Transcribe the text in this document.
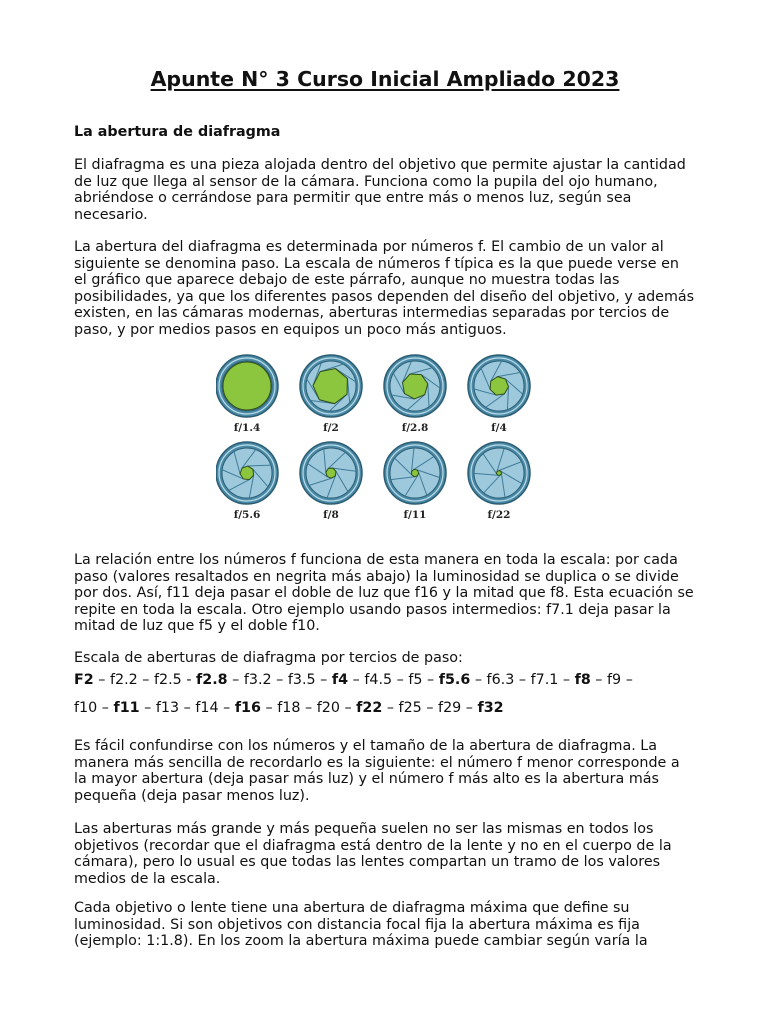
Apunte N° 3 Curso Inicial Ampliado 2023
La abertura de diafragma

El diafragma es una pieza alojada dentro del objetivo que permite ajustar la cantidad de luz que llega al sensor de la cámara. Funciona como la pupila del ojo humano, abriéndose o cerrándose para permitir que entre más o menos luz, según sea necesario.

La abertura del diafragma es determinada por números f. El cambio de un valor al siguiente se denomina paso. La escala de números f típica es la que puede verse en el gráfico que aparece debajo de este párrafo, aunque no muestra todas las posibilidades, ya que los diferentes pasos dependen del diseño del objetivo, y además existen, en las cámaras modernas, aberturas intermedias separadas por tercios de paso, y por medios pasos en equipos un poco más antiguos.

f/1.4	f/2	f/2.8	f/4
f/5.6	f/8	f/11	f/22

La relación entre los números f funciona de esta manera en toda la escala: por cada paso (valores resaltados en negrita más abajo) la luminosidad se duplica o se divide por dos. Así, f11 deja pasar el doble de luz que f16 y la mitad que f8. Esta ecuación se repite en toda la escala. Otro ejemplo usando pasos intermedios: f7.1 deja pasar la mitad de luz que f5 y el doble f10.

Escala de aberturas de diafragma por tercios de paso:

F2 – f2.2 – f2.5 - f2.8 – f3.2 – f3.5 – f4 – f4.5 – f5 – f5.6 – f6.3 – f7.1 – f8 – f9 –
f10 – f11 – f13 – f14 – f16 – f18 – f20 – f22 – f25 – f29 – f32

Es fácil confundirse con los números y el tamaño de la abertura de diafragma. La manera más sencilla de recordarlo es la siguiente: el número f menor corresponde a la mayor abertura (deja pasar más luz) y el número f más alto es la abertura más pequeña (deja pasar menos luz).

Las aberturas más grande y más pequeña suelen no ser las mismas en todos los objetivos (recordar que el diafragma está dentro de la lente y no en el cuerpo de la cámara), pero lo usual es que todas las lentes compartan un tramo de los valores medios de la escala.

Cada objetivo o lente tiene una abertura de diafragma máxima que define su luminosidad. Si son objetivos con distancia focal fija la abertura máxima es fija (ejemplo: 1:1.8). En los zoom la abertura máxima puede cambiar según varía la
